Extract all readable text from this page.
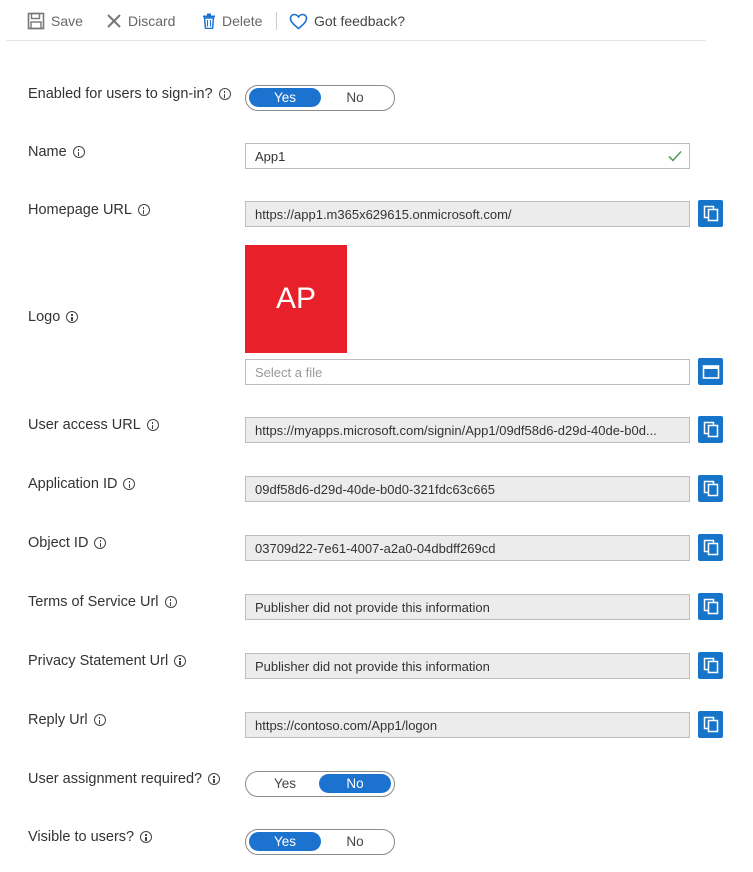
Save	Discard	Delete	Got feedback?
Enabled for users to sign-in?	Yes	No
Name	App1
Homepage URL	https://app1.m365x629615.onmicrosoft.com/
Logo
AP
Select a file
User access URL	https://myapps.microsoft.com/signin/App1/09df58d6-d29d-40de-b0d...
Application ID	09df58d6-d29d-40de-b0d0-321fdc63c665
Object ID	03709d22-7e61-4007-a2a0-04dbdff269cd
Terms of Service Url	Publisher did not provide this information
Privacy Statement Url	Publisher did not provide this information
Reply Url	https://contoso.com/App1/logon
User assignment required?	Yes	No
Visible to users?	Yes	No
